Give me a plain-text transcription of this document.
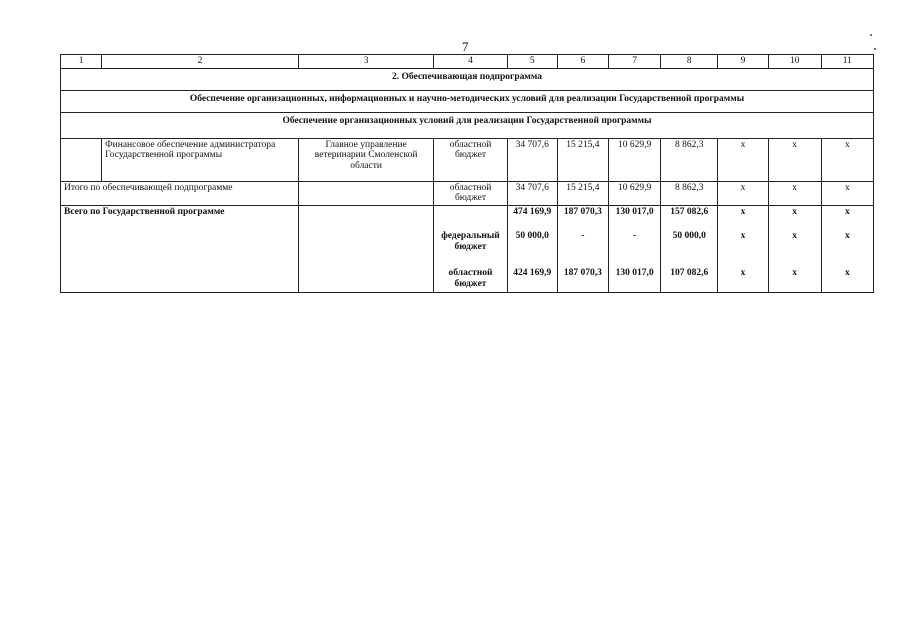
7
1	2	3	4	5	6	7	8	9	10	11
2. Обеспечивающая подпрограмма										
Обеспечение организационных, информационных и научно-методических условий для реализации Государственной программы										
Обеспечение организационных условий для реализации Государственной программы										
	Финансовое обеспечение администратора Государственной программы	Главное управление ветеринарии Смоленской области	областной бюджет	34 707,6	15 215,4	10 629,9	8 862,3	х	х	х
Итого по обеспечивающей подпрограмме			областной бюджет	34 707,6	15 215,4	10 629,9	8 862,3	х	х	х
Всего по Государственной программе				474 169,9	187 070,3	130 017,0	157 082,6	х	х	х
			федеральный бюджет	50 000,0	-	-	50 000,0	х	х	х
			областной бюджет	424 169,9	187 070,3	130 017,0	107 082,6	х	х	х
